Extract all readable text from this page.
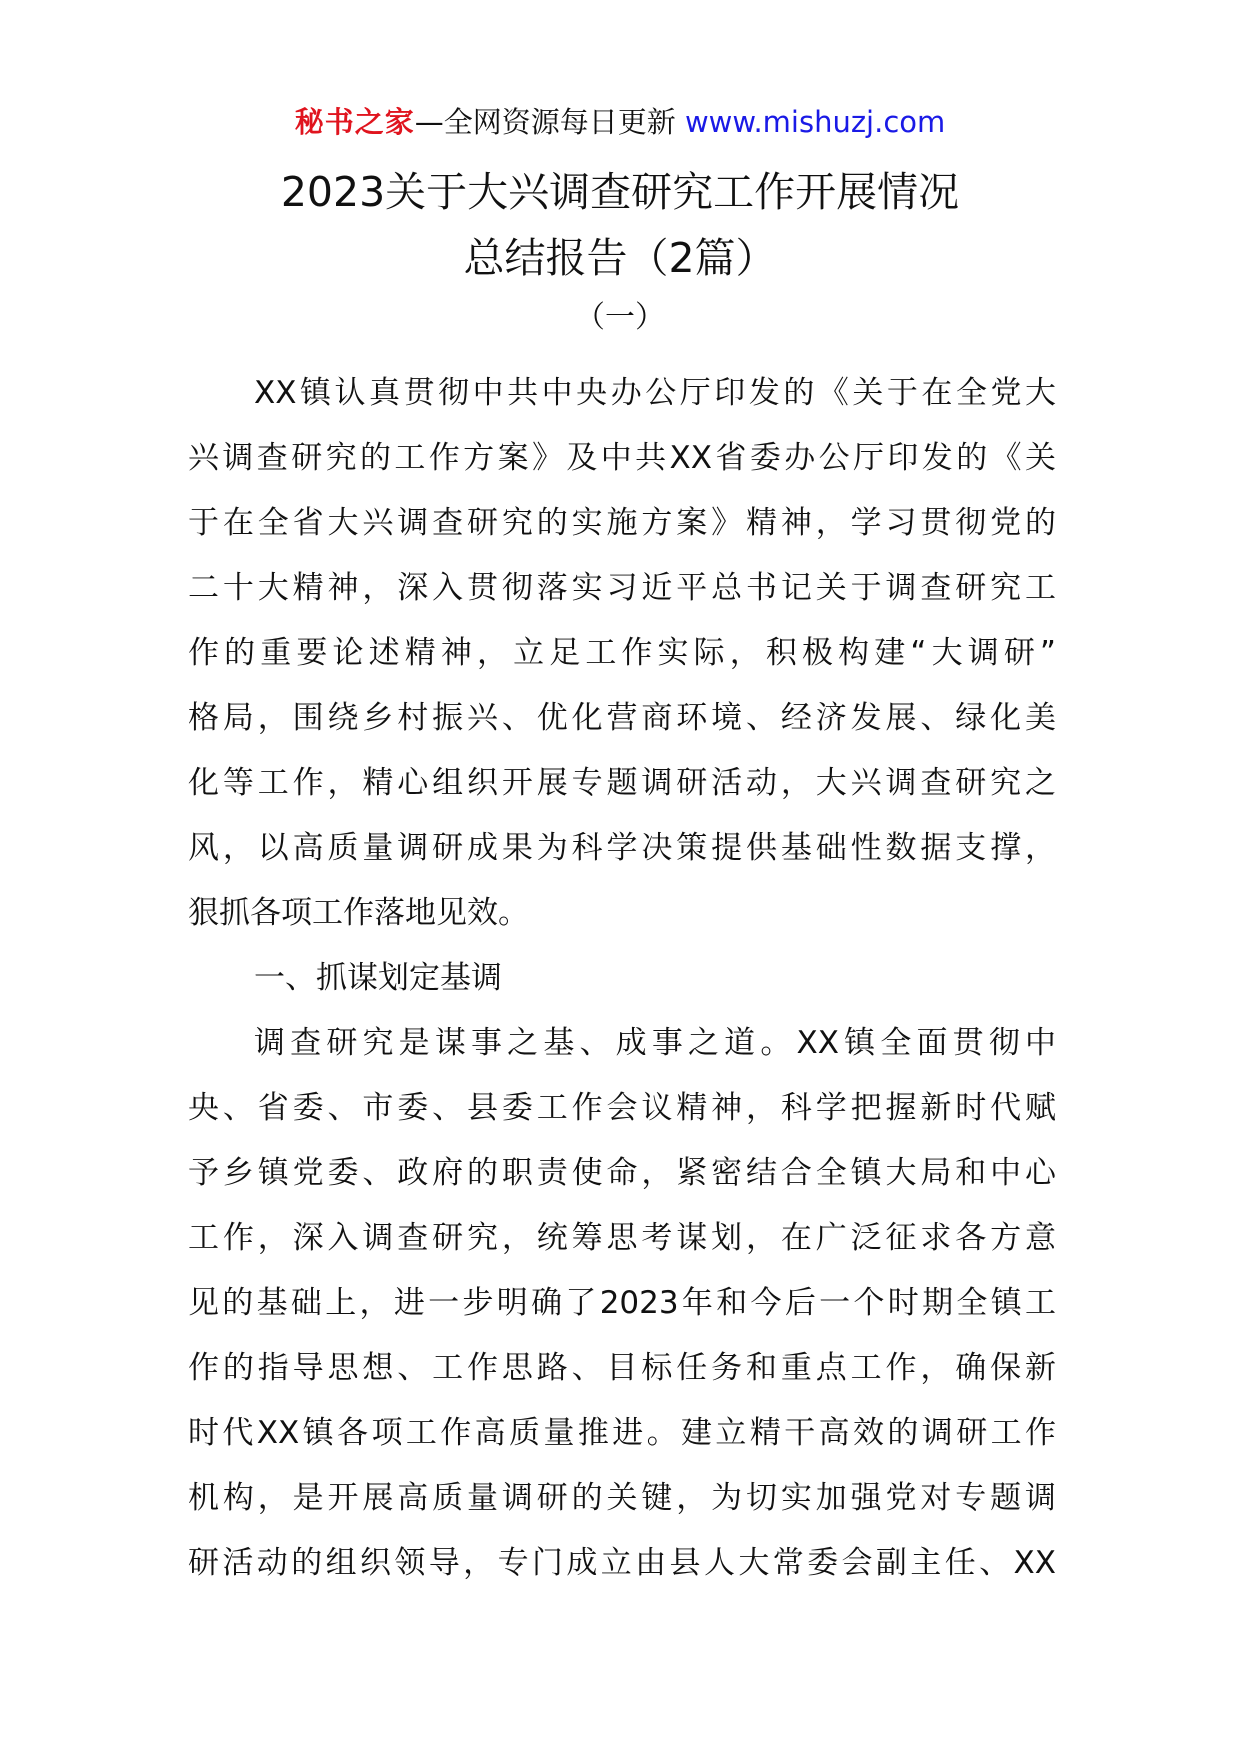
秘书之家—全网资源每日更新 www.mishuzj.com
2023关于大兴调查研究工作开展情况
总结报告（2篇）
（一）
XX镇认真贯彻中共中央办公厅印发的《关于在全党大
兴调查研究的工作方案》及中共XX省委办公厅印发的《关
于在全省大兴调查研究的实施方案》精神，学习贯彻党的
二十大精神，深入贯彻落实习近平总书记关于调查研究工
作的重要论述精神，立足工作实际，积极构建“大调研”
格局，围绕乡村振兴、优化营商环境、经济发展、绿化美
化等工作，精心组织开展专题调研活动，大兴调查研究之
风，以高质量调研成果为科学决策提供基础性数据支撑，
狠抓各项工作落地见效。
一、抓谋划定基调
调查研究是谋事之基、成事之道。XX镇全面贯彻中
央、省委、市委、县委工作会议精神，科学把握新时代赋
予乡镇党委、政府的职责使命，紧密结合全镇大局和中心
工作，深入调查研究，统筹思考谋划，在广泛征求各方意
见的基础上，进一步明确了2023年和今后一个时期全镇工
作的指导思想、工作思路、目标任务和重点工作，确保新
时代XX镇各项工作高质量推进。建立精干高效的调研工作
机构，是开展高质量调研的关键，为切实加强党对专题调
研活动的组织领导，专门成立由县人大常委会副主任、XX
